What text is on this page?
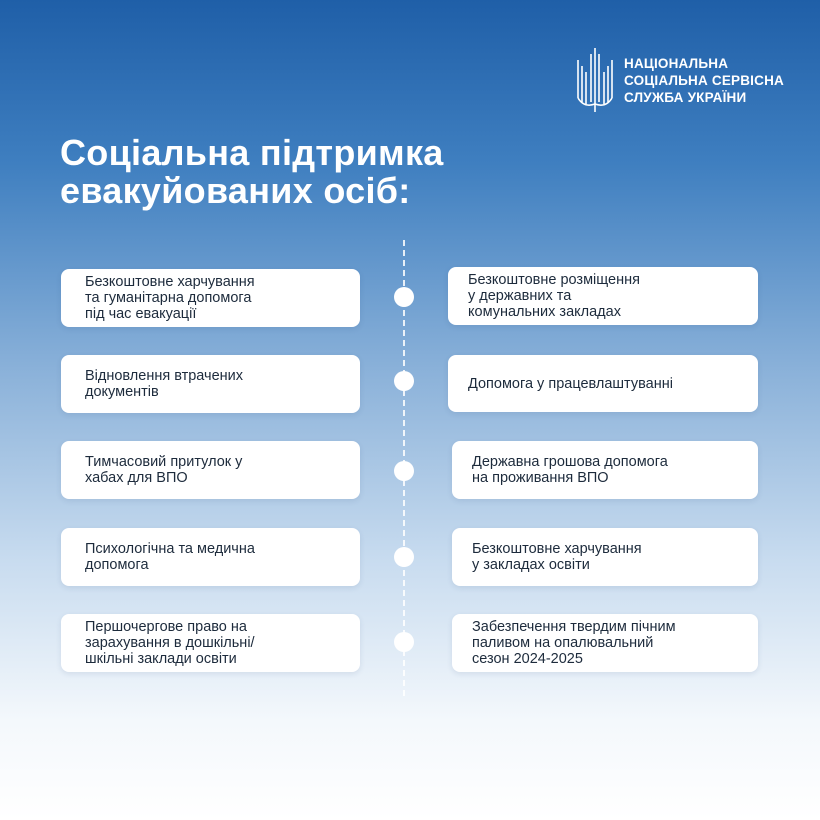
НАЦІОНАЛЬНА
СОЦІАЛЬНА СЕРВІСНА
СЛУЖБА УКРАЇНИ
Соціальна підтримка
евакуйованих осіб:
Безкоштовне харчування
та гуманітарна допомога
під час евакуації
Відновлення втрачених
документів
Тимчасовий притулок у
хабах для ВПО
Психологічна та медична
допомога
Першочергове право на
зарахування в дошкільні/
шкільні заклади освіти
Безкоштовне розміщення
у державних та
комунальних закладах
Допомога у працевлаштуванні
Державна грошова допомога
на проживання ВПО
Безкоштовне харчування
у закладах освіти
Забезпечення твердим пічним
паливом на опалювальний
сезон 2024-2025
